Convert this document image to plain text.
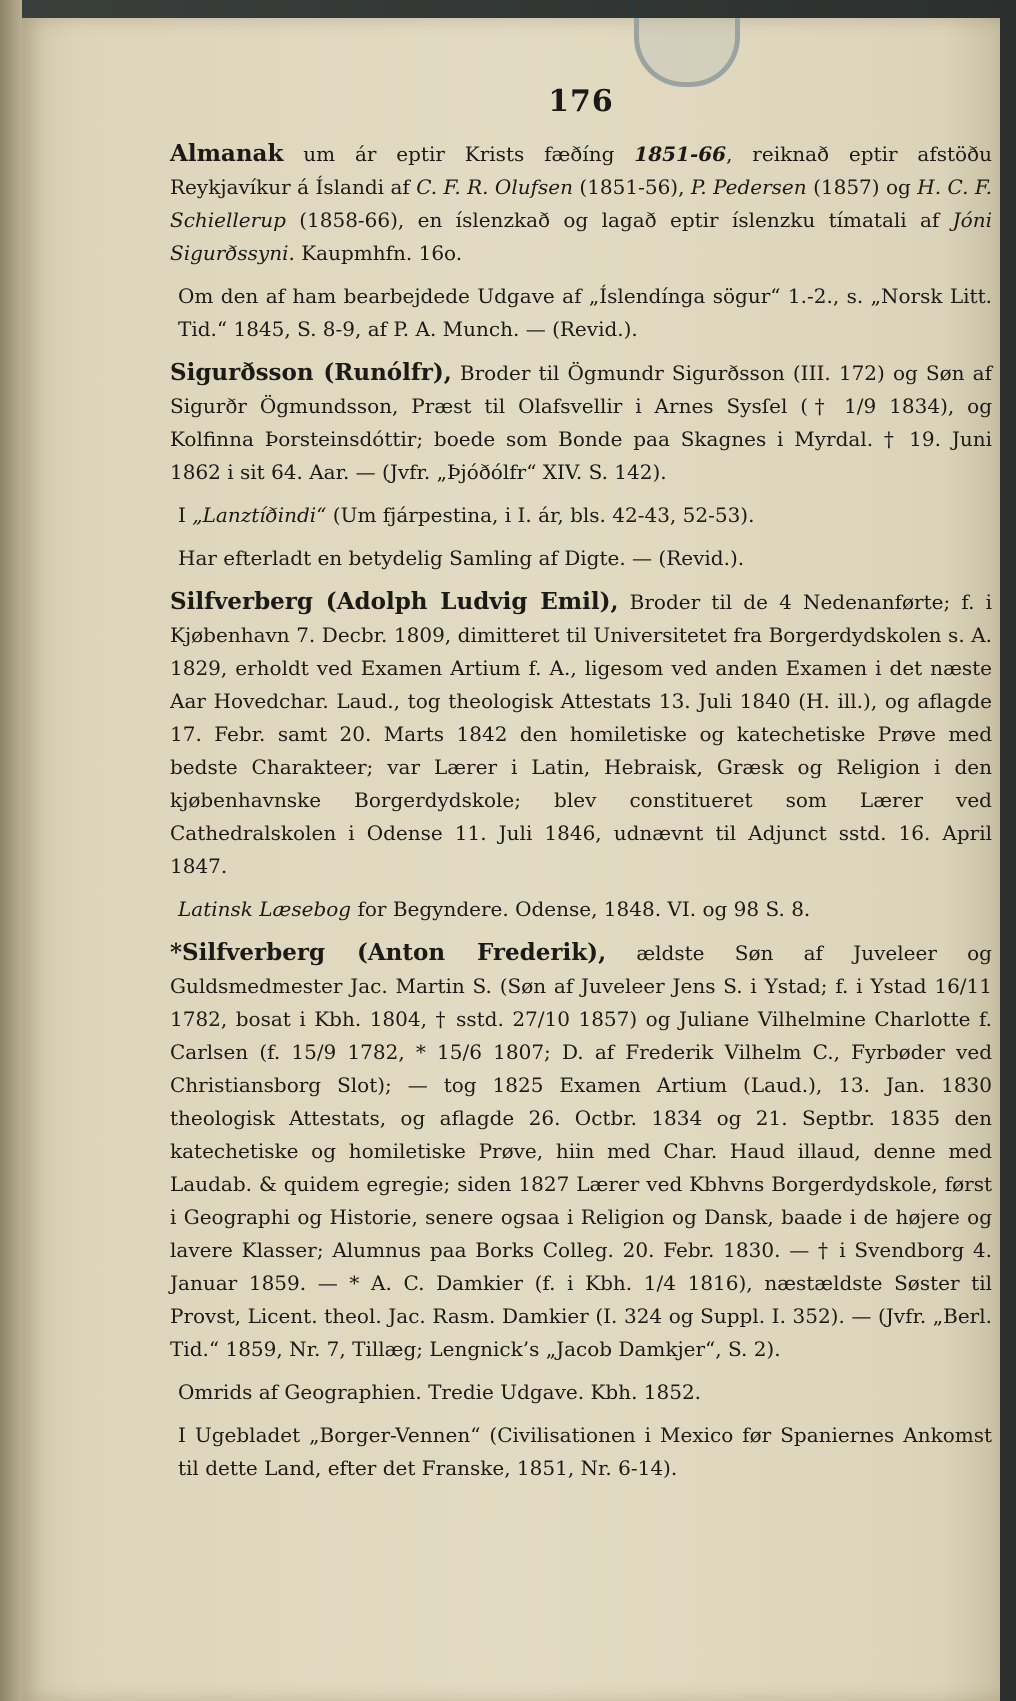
176

Almanak um ár eptir Krists fæðíng 1851-66, reiknað eptir afstöðu Reykjavíkur á Íslandi af C. F. R. Olufsen (1851-56), P. Pedersen (1857) og H. C. F. Schiellerup (1858-66), en íslenzkað og lagað eptir íslenzku tímatali af Jóni Sigurðssyni. Kaupmhfn. 16o.

Om den af ham bearbejdede Udgave af „Íslendínga sögur“ 1.-2., s. „Norsk Litt. Tid.“ 1845, S. 8-9, af P. A. Munch. — (Revid.).

Sigurðsson (Runólfr), Broder til Ögmundr Sigurðsson (III. 172) og Søn af Sigurðr Ögmundsson, Præst til Olafsvellir i Arnes Sysſel († 1/9 1834), og Kolfinna Þorsteinsdóttir; boede som Bonde paa Skagnes i Myrdal. † 19. Juni 1862 i sit 64. Aar. — (Jvfr. „Þjóðólfr“ XIV. S. 142).

I „Lanztíðindi“ (Um fjárpestina, i I. ár, bls. 42-43, 52-53).

Har efterladt en betydelig Samling af Digte. — (Revid.).

Silfverberg (Adolph Ludvig Emil), Broder til de 4 Nedenanførte; f. i Kjøbenhavn 7. Decbr. 1809, dimitteret til Universitetet fra Borgerdydskolen s. A. 1829, erholdt ved Examen Artium f. A., ligesom ved anden Examen i det næste Aar Hovedchar. Laud., tog theologisk Attestats 13. Juli 1840 (H. ill.), og aflagde 17. Febr. samt 20. Marts 1842 den homiletiske og katechetiske Prøve med bedste Charakteer; var Lærer i Latin, Hebraisk, Græsk og Religion i den kjøbenhavnske Borgerdydskole; blev constitueret som Lærer ved Cathedralskolen i Odense 11. Juli 1846, udnævnt til Adjunct sstd. 16. April 1847.

Latinsk Læsebog for Begyndere. Odense, 1848. VI. og 98 S. 8.

*Silfverberg (Anton Frederik), ældste Søn af Juveleer og Guldsmedmester Jac. Martin S. (Søn af Juveleer Jens S. i Ystad; f. i Ystad 16/11 1782, bosat i Kbh. 1804, † sstd. 27/10 1857) og Juliane Vilhelmine Charlotte f. Carlsen (f. 15/9 1782, * 15/6 1807; D. af Frederik Vilhelm C., Fyrbøder ved Christiansborg Slot); — tog 1825 Examen Artium (Laud.), 13. Jan. 1830 theologisk Attestats, og aflagde 26. Octbr. 1834 og 21. Septbr. 1835 den katechetiske og homiletiske Prøve, hiin med Char. Haud illaud, denne med Laudab. & quidem egregie; siden 1827 Lærer ved Kbhvns Borgerdydskole, først i Geographi og Historie, senere ogsaa i Religion og Dansk, baade i de højere og lavere Klasser; Alumnus paa Borks Colleg. 20. Febr. 1830. — † i Svendborg 4. Januar 1859. — * A. C. Damkier (f. i Kbh. 1/4 1816), næstældste Søster til Provst, Licent. theol. Jac. Rasm. Damkier (I. 324 og Suppl. I. 352). — (Jvfr. „Berl. Tid.“ 1859, Nr. 7, Tillæg; Lengnick’s „Jacob Damkjer“, S. 2).

Omrids af Geographien. Tredie Udgave. Kbh. 1852.

I Ugebladet „Borger-Vennen“ (Civilisationen i Mexico før Spaniernes Ankomst til dette Land, efter det Franske, 1851, Nr. 6-14).
